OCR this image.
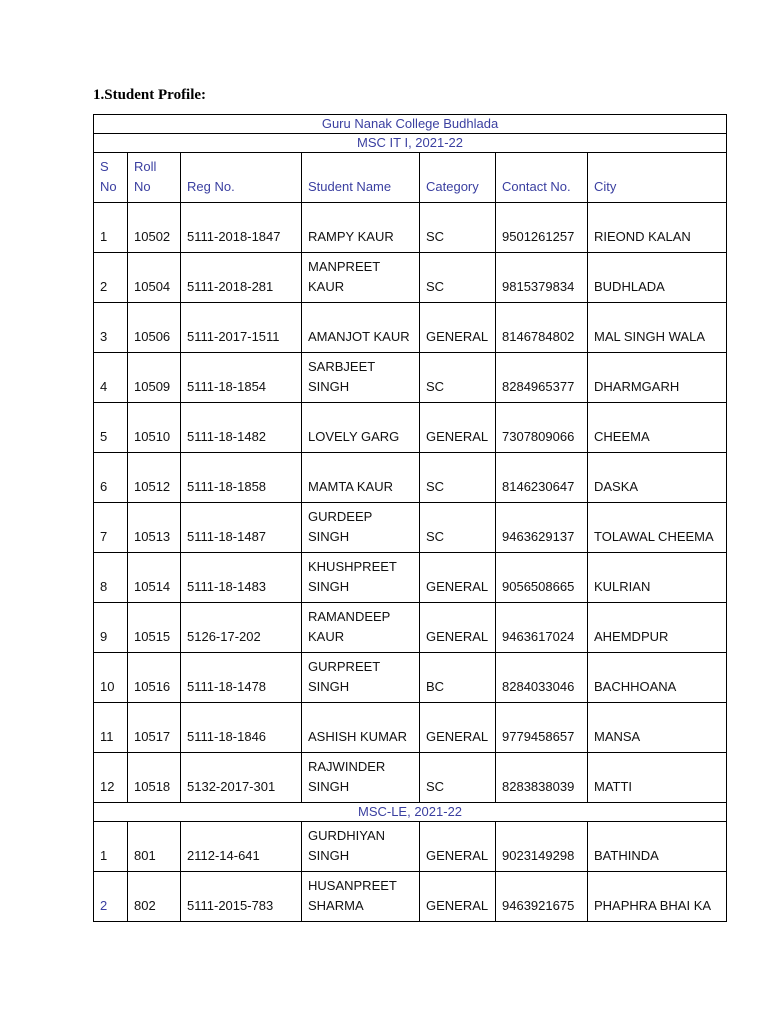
1.Student Profile:
Guru Nanak College Budhlada						
MSC IT I, 2021-22						
S No	Roll No	Reg No.	Student Name	Category	Contact No.	City
1	10502	5111-2018-1847	RAMPY KAUR	SC	9501261257	RIEOND KALAN
2	10504	5111-2018-281	MANPREET KAUR	SC	9815379834	BUDHLADA
3	10506	5111-2017-1511	AMANJOT KAUR	GENERAL	8146784802	MAL SINGH WALA
4	10509	5111-18-1854	SARBJEET SINGH	SC	8284965377	DHARMGARH
5	10510	5111-18-1482	LOVELY GARG	GENERAL	7307809066	CHEEMA
6	10512	5111-18-1858	MAMTA KAUR	SC	8146230647	DASKA
7	10513	5111-18-1487	GURDEEP SINGH	SC	9463629137	TOLAWAL CHEEMA
8	10514	5111-18-1483	KHUSHPREET SINGH	GENERAL	9056508665	KULRIAN
9	10515	5126-17-202	RAMANDEEP KAUR	GENERAL	9463617024	AHEMDPUR
10	10516	5111-18-1478	GURPREET SINGH	BC	8284033046	BACHHOANA
11	10517	5111-18-1846	ASHISH KUMAR	GENERAL	9779458657	MANSA
12	10518	5132-2017-301	RAJWINDER SINGH	SC	8283838039	MATTI
MSC-LE, 2021-22						
1	801	2112-14-641	GURDHIYAN SINGH	GENERAL	9023149298	BATHINDA
2	802	5111-2015-783	HUSANPREET SHARMA	GENERAL	9463921675	PHAPHRA BHAI KA
